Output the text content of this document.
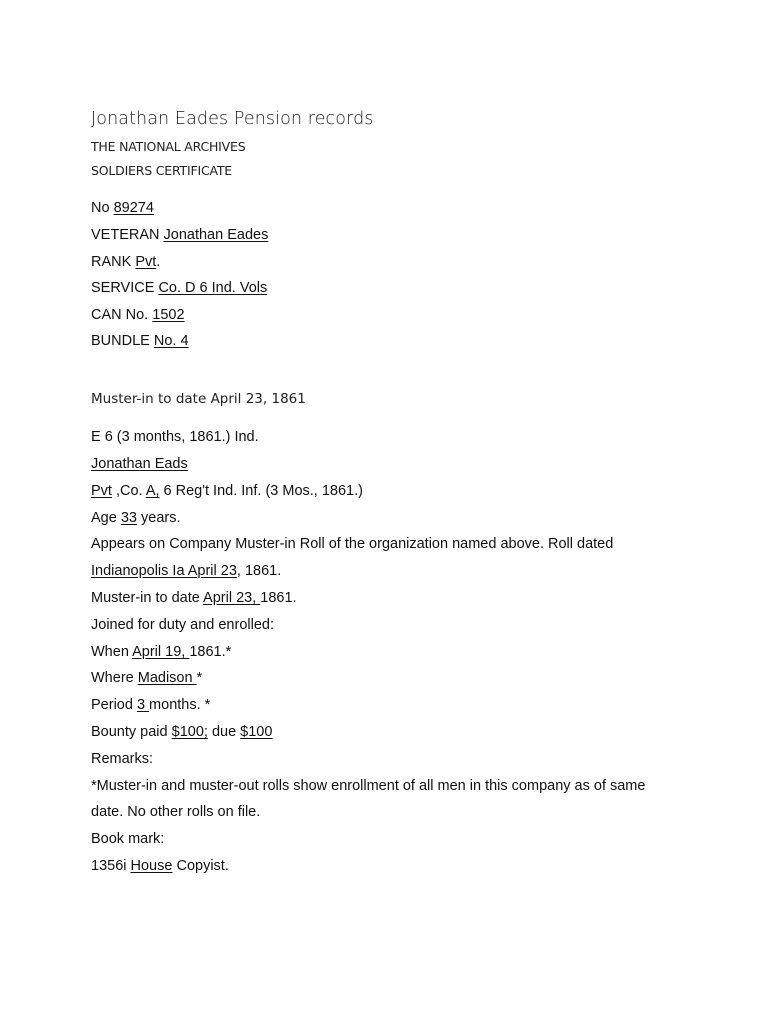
Jonathan Eades Pension records
THE NATIONAL ARCHIVES
SOLDIERS CERTIFICATE
No 89274
VETERAN Jonathan Eades
RANK Pvt.
SERVICE Co. D 6 Ind. Vols
CAN No. 1502
BUNDLE No. 4
Muster-in to date April 23, 1861
E 6 (3 months, 1861.) Ind.
Jonathan Eads
Pvt ,Co. A, 6 Reg't Ind. Inf. (3 Mos., 1861.)
Age 33 years.
Appears on Company Muster-in Roll of the organization named above. Roll dated
Indianopolis Ia April 23, 1861.
Muster-in to date April 23, 1861.
Joined for duty and enrolled:
When April 19, 1861.*
Where Madison *
Period 3 months. *
Bounty paid $100; due $100
Remarks:
*Muster-in and muster-out rolls show enrollment of all men in this company as of same
date. No other rolls on file.
Book mark:
1356i House Copyist.
